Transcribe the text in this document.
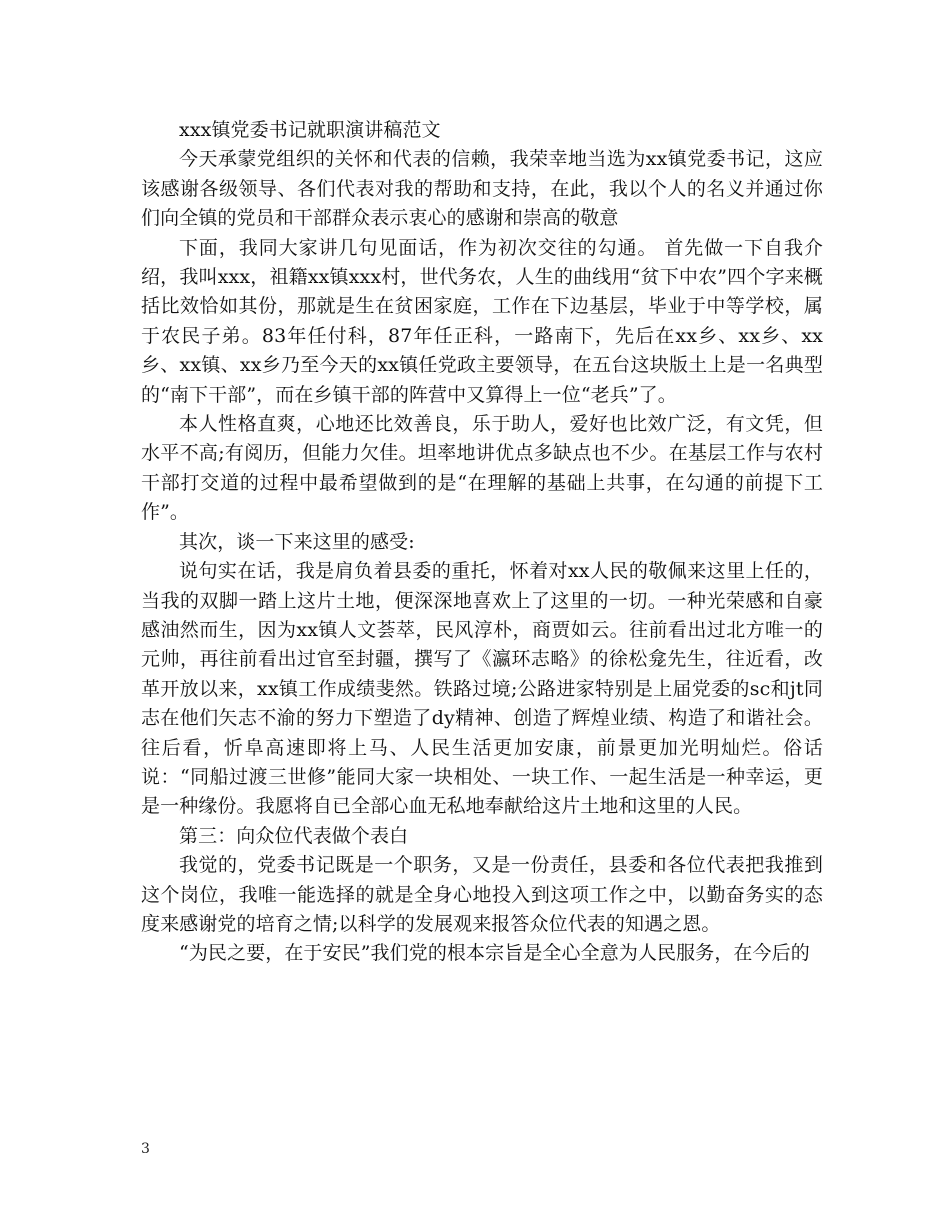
xxx镇党委书记就职演讲稿范文

今天承蒙党组织的关怀和代表的信赖，我荣幸地当选为xx镇党委书记，这应该感谢各级领导、各们代表对我的帮助和支持，在此，我以个人的名义并通过你们向全镇的党员和干部群众表示衷心的感谢和崇高的敬意

下面，我同大家讲几句见面话，作为初次交往的勾通。 首先做一下自我介绍，我叫xxx，祖籍xx镇xxx村，世代务农，人生的曲线用“贫下中农”四个字来概括比效恰如其份，那就是生在贫困家庭，工作在下边基层，毕业于中等学校，属于农民子弟。83年任付科，87年任正科，一路南下，先后在xx乡、xx乡、xx乡、xx镇、xx乡乃至今天的xx镇任党政主要领导，在五台这块版土上是一名典型的“南下干部”，而在乡镇干部的阵营中又算得上一位“老兵”了。

本人性格直爽，心地还比效善良，乐于助人，爱好也比效广泛，有文凭，但水平不高;有阅历，但能力欠佳。坦率地讲优点多缺点也不少。在基层工作与农村干部打交道的过程中最希望做到的是“在理解的基础上共事，在勾通的前提下工作”。

其次，谈一下来这里的感受:

说句实在话，我是肩负着县委的重托，怀着对xx人民的敬佩来这里上任的，当我的双脚一踏上这片土地，便深深地喜欢上了这里的一切。一种光荣感和自豪感油然而生，因为xx镇人文荟萃，民风淳朴，商贾如云。往前看出过北方唯一的元帅，再往前看出过官至封疆，撰写了《瀛环志略》的徐松龛先生，往近看，改革开放以来，xx镇工作成绩斐然。铁路过境;公路进家特别是上届党委的sc和jt同志在他们矢志不渝的努力下塑造了dy精神、创造了辉煌业绩、构造了和谐社会。往后看，忻阜高速即将上马、人民生活更加安康，前景更加光明灿烂。俗话说：“同船过渡三世修”能同大家一块相处、一块工作、一起生活是一种幸运，更是一种缘份。我愿将自已全部心血无私地奉献给这片土地和这里的人民。

第三：向众位代表做个表白

我觉的，党委书记既是一个职务，又是一份责任，县委和各位代表把我推到这个岗位，我唯一能选择的就是全身心地投入到这项工作之中，以勤奋务实的态度来感谢党的培育之情;以科学的发展观来报答众位代表的知遇之恩。

“为民之要，在于安民”我们党的根本宗旨是全心全意为人民服务，在今后的

3
